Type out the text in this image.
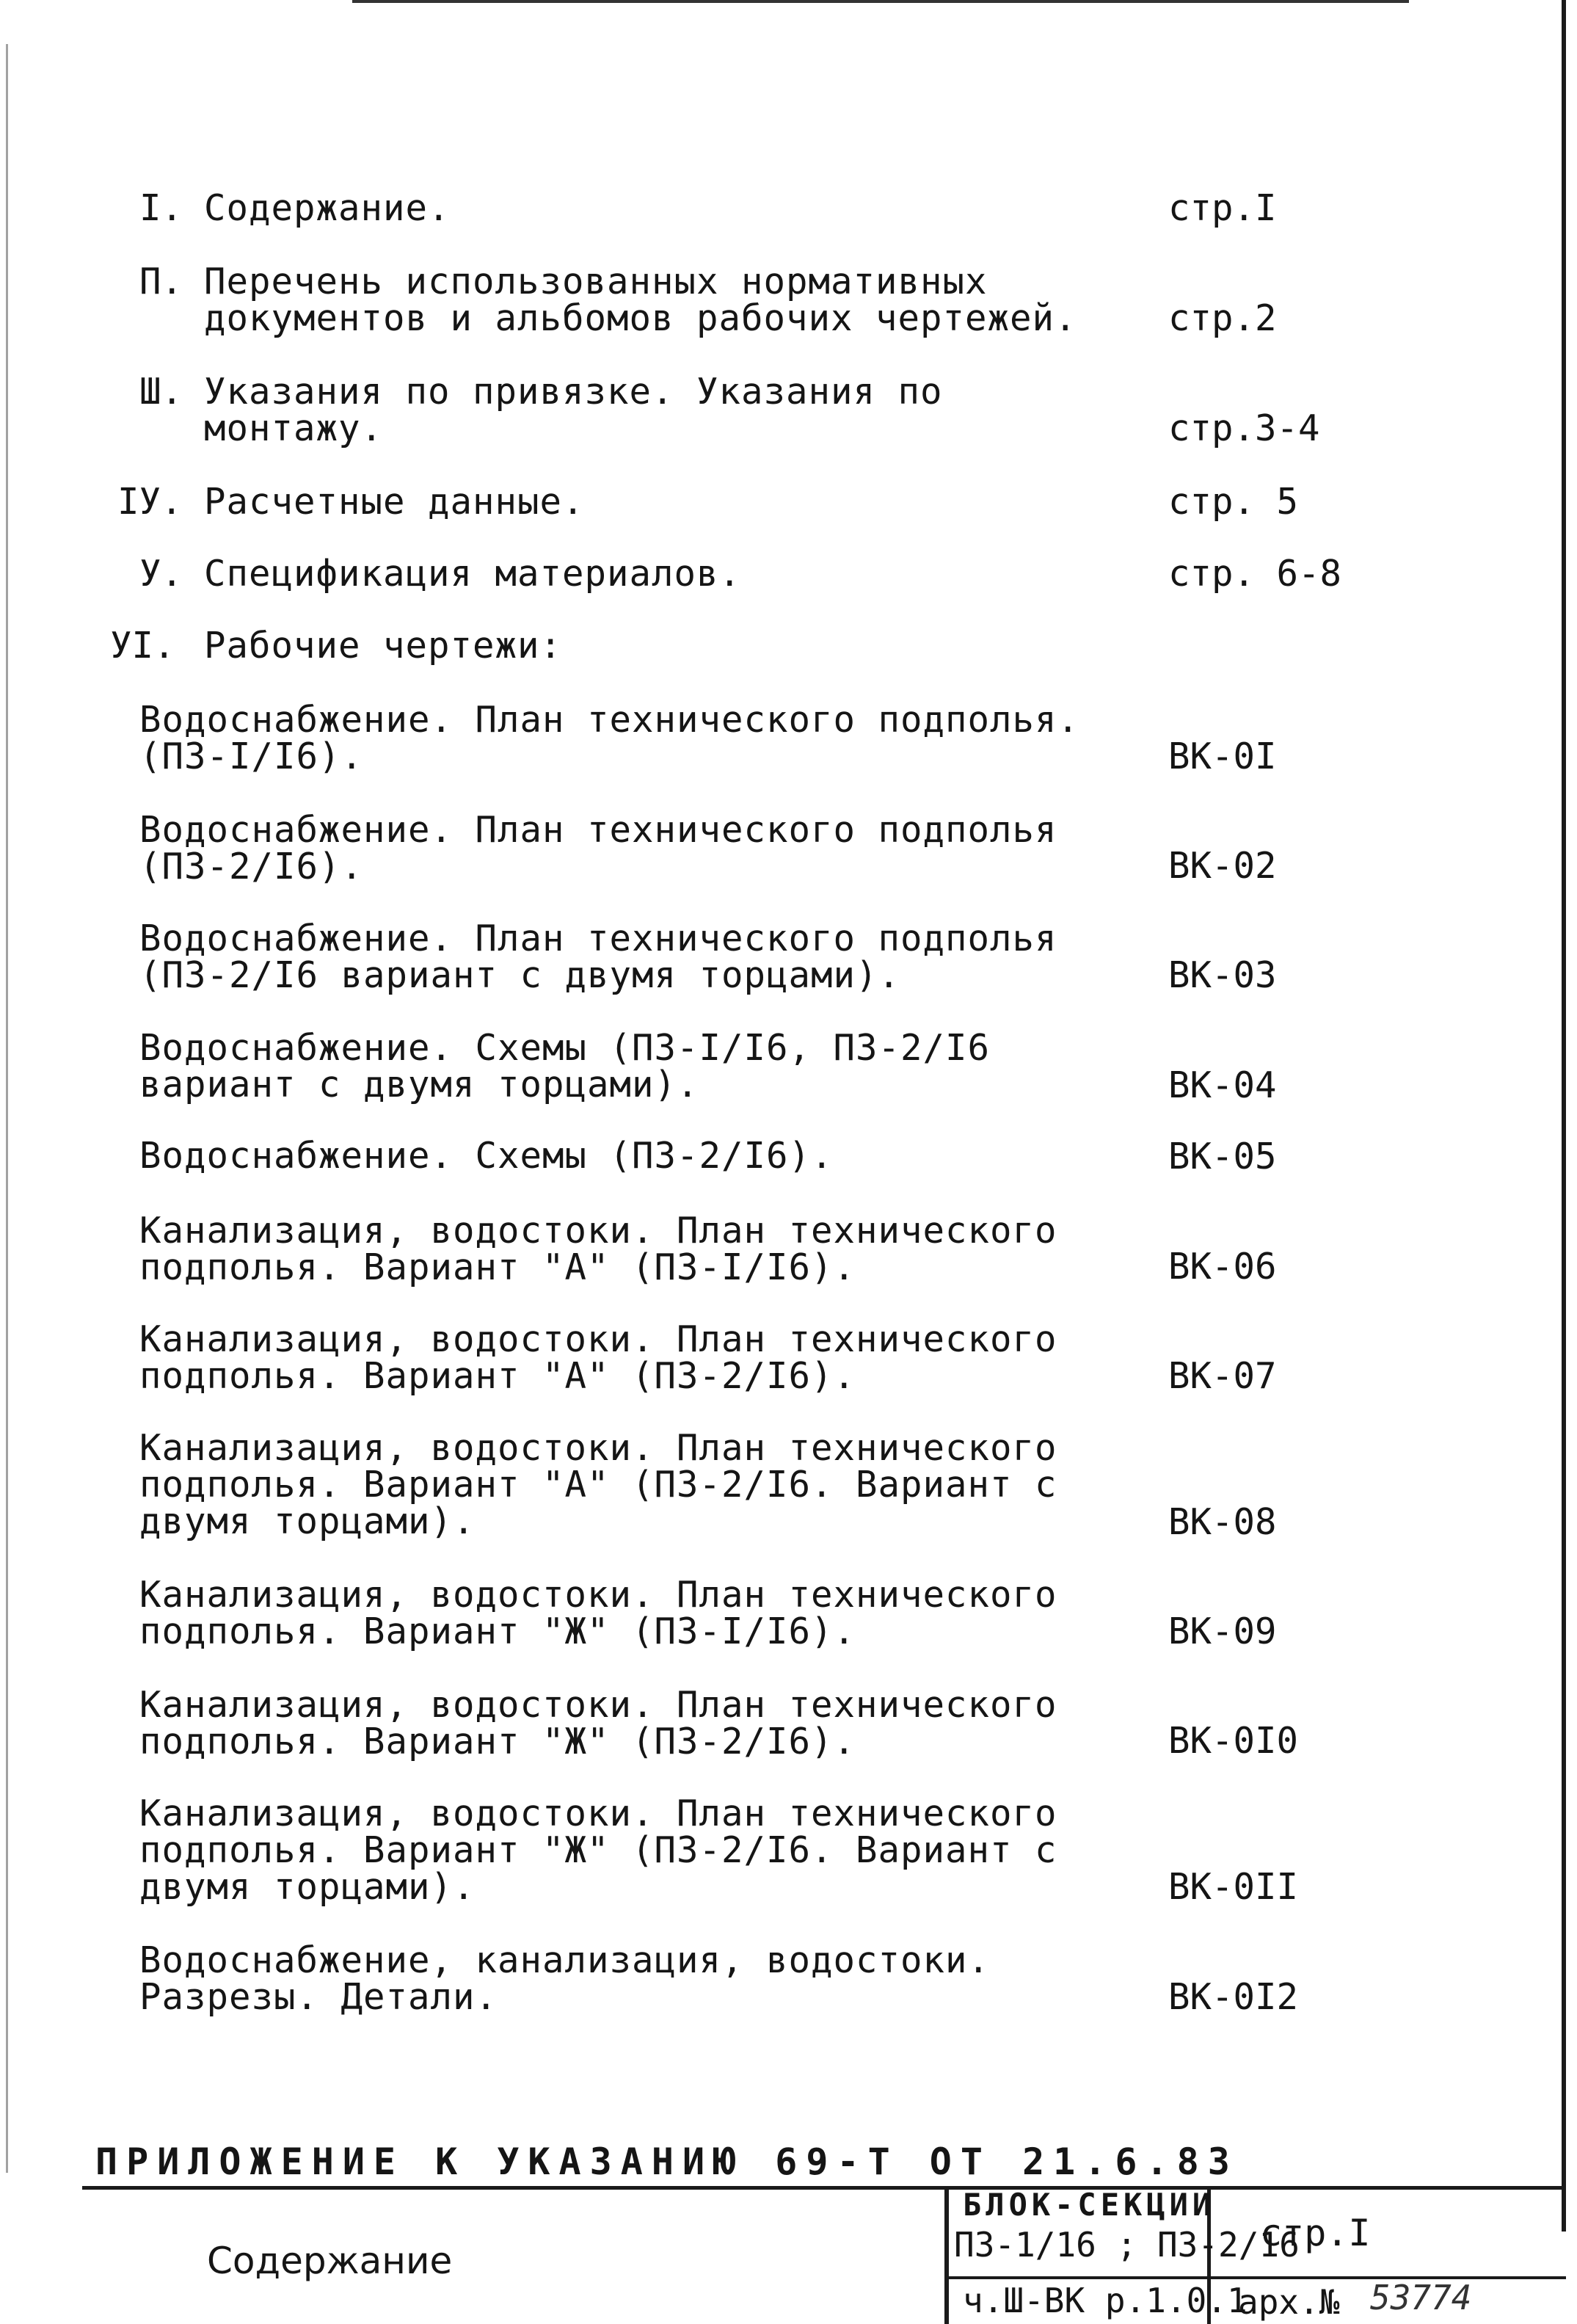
I. Содержание.	стр.I
П. Перечень использованных нормативных
документов и альбомов рабочих чертежей.	стр.2
Ш. Указания по привязке. Указания по
монтажу.	стр.3-4
IУ. Расчетные данные.	стр. 5
У. Спецификация материалов.	стр. 6-8
УI. Рабочие чертежи:
Водоснабжение. План технического подполья. (П3-I/I6).	ВК-0I
Водоснабжение. План технического подполья (П3-2/I6).	ВК-02
Водоснабжение. План технического подполья (П3-2/I6 вариант с двумя торцами).	ВК-03
Водоснабжение. Схемы (П3-I/I6, П3-2/I6 вариант с двумя торцами).	ВК-04
Водоснабжение. Схемы (П3-2/I6).	ВК-05
Канализация, водостоки. План технического подполья. Вариант "А" (П3-I/I6).	ВК-06
Канализация, водостоки. План технического подполья. Вариант "А" (П3-2/I6).	ВК-07
Канализация, водостоки. План технического подполья. Вариант "А" (П3-2/I6. Вариант с двумя торцами).	ВК-08
Канализация, водостоки. План технического подполья. Вариант "Ж" (П3-I/I6).	ВК-09
Канализация, водостоки. План технического подполья. Вариант "Ж" (П3-2/I6).	ВК-0I0
Канализация, водостоки. План технического подполья. Вариант "Ж" (П3-2/I6. Вариант с двумя торцами).	ВК-0II
Водоснабжение, канализация, водостоки. Разрезы. Детали.	ВК-0I2
ПРИЛОЖЕНИЕ К УКАЗАНИЮ 69-Т ОТ 21.6.83
Содержание
БЛОК-СЕКЦИИ
П3-1/16 ; П3-2/16
ч.Ш-ВК р.1.0.1
стр.I
арх.№ 53774
